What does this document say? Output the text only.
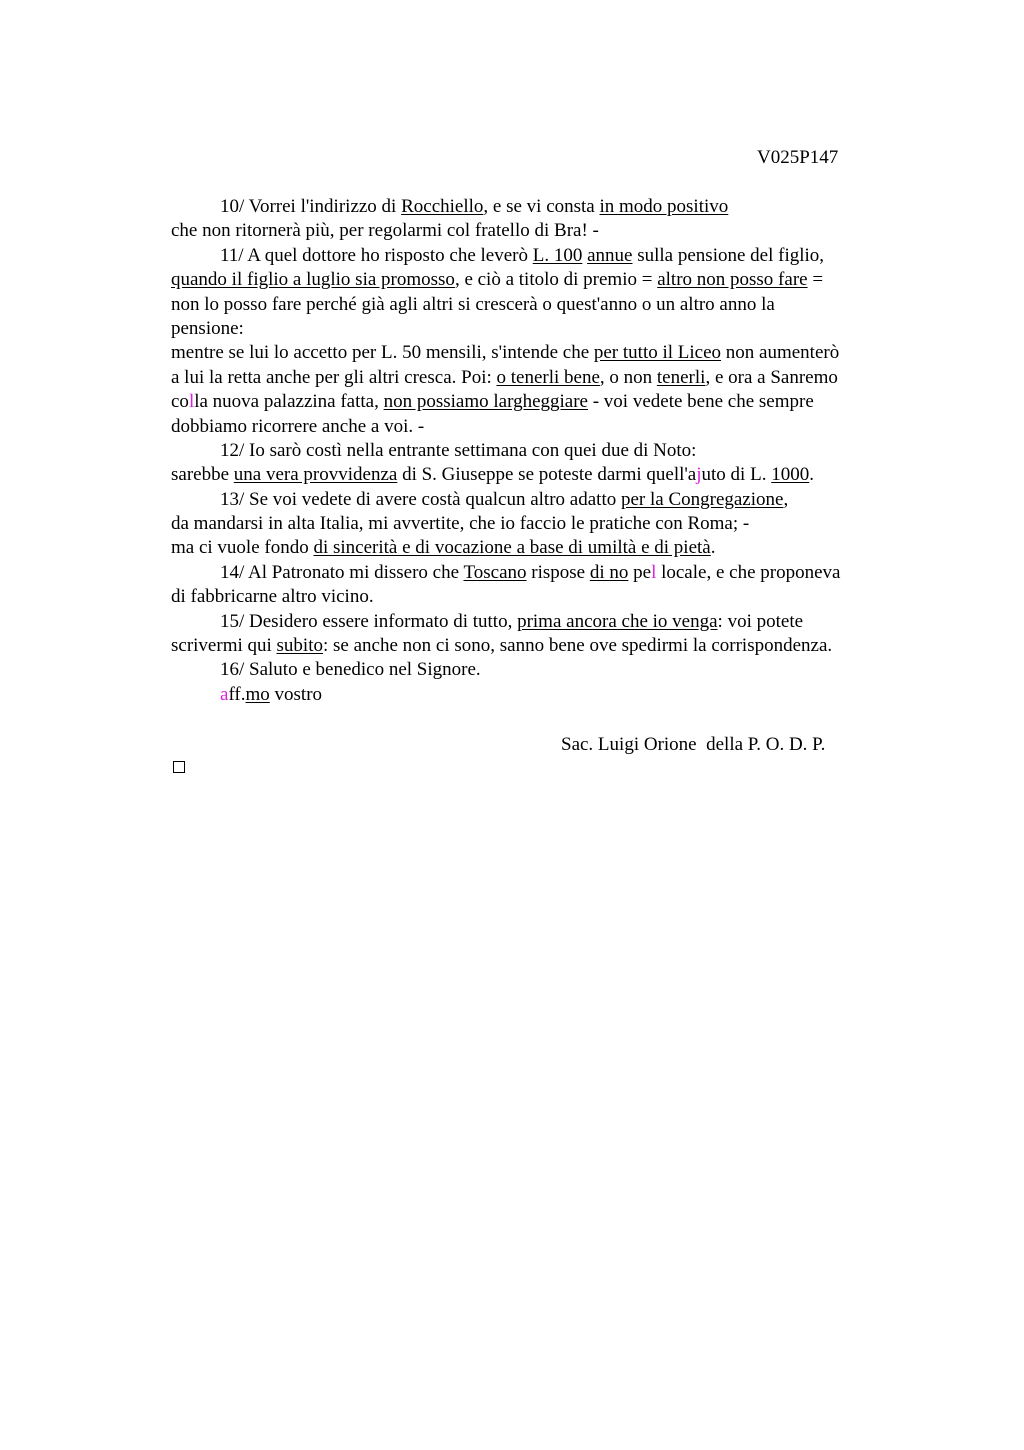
V025P147
10/ Vorrei l'indirizzo di Rocchiello, e se vi consta in modo positivo
che non ritornerà più, per regolarmi col fratello di Bra! -
11/ A quel dottore ho risposto che leverò L. 100 annue sulla pensione del figlio,
quando il figlio a luglio sia promosso, e ciò a titolo di premio = altro non posso fare =
non lo posso fare perché già agli altri si crescerà o quest'anno o un altro anno la
pensione:
mentre se lui lo accetto per L. 50 mensili, s'intende che per tutto il Liceo non aumenterò
a lui la retta anche per gli altri cresca. Poi: o tenerli bene, o non tenerli, e ora a Sanremo
colla nuova palazzina fatta, non possiamo largheggiare - voi vedete bene che sempre
dobbiamo ricorrere anche a voi. -
12/ Io sarò costì nella entrante settimana con quei due di Noto:
sarebbe una vera provvidenza di S. Giuseppe se poteste darmi quell'ajuto di L. 1000.
13/ Se voi vedete di avere costà qualcun altro adatto per la Congregazione,
da mandarsi in alta Italia, mi avvertite, che io faccio le pratiche con Roma; -
ma ci vuole fondo di sincerità e di vocazione a base di umiltà e di pietà.
14/ Al Patronato mi dissero che Toscano rispose di no pel locale, e che proponeva
di fabbricarne altro vicino.
15/ Desidero essere informato di tutto, prima ancora che io venga: voi potete
scrivermi qui subito: se anche non ci sono, sanno bene ove spedirmi la corrispondenza.
16/ Saluto e benedico nel Signore.
aff.mo vostro
Sac. Luigi Orione  della P. O. D. P.
